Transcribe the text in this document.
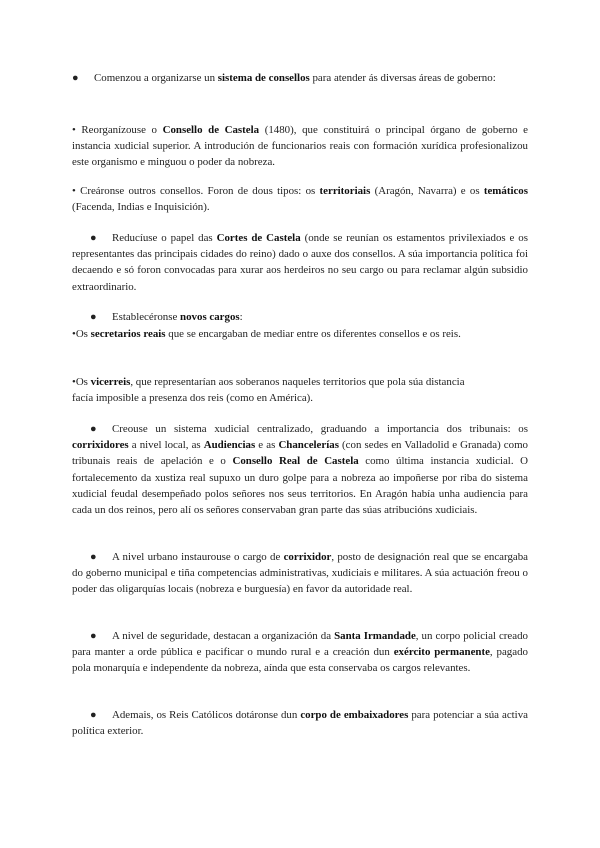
● Comenzou a organizarse un sistema de consellos para atender ás diversas áreas de goberno:

• Reorganízouse o Consello de Castela (1480), que constituirá o principal órgano de goberno e instancia xudicial superior. A introdución de funcionarios reais con formación xurídica profesionalizou este organismo e minguou o poder da nobreza.

• Creáronse outros consellos. Foron de dous tipos: os territoriais (Aragón, Navarra) e os temáticos (Facenda, Indias e Inquisición).

● Reducíuse o papel das Cortes de Castela (onde se reunían os estamentos privilexiados e os representantes das principais cidades do reino) dado o auxe dos consellos. A súa importancia política foi decaendo e só foron convocadas para xurar aos herdeiros no seu cargo ou para reclamar algún subsidio extraordinario.

● Establecéronse novos cargos:

•Os secretarios reais que se encargaban de mediar entre os diferentes consellos e os reis.

•Os vicerreis, que representarían aos soberanos naqueles territorios que pola súa distancia facía imposible a presenza dos reis (como en América).

● Creouse un sistema xudicial centralizado, graduando a importancia dos tribunais: os corrixidores a nivel local, as Audiencias e as Chancelerías (con sedes en Valladolid e Granada) como tribunais reais de apelación e o Consello Real de Castela como última instancia xudicial. O fortalecemento da xustiza real supuxo un duro golpe para a nobreza ao impoñerse por riba do sistema xudicial feudal desempeñado polos señores nos seus territorios. En Aragón había unha audiencia para cada un dos reinos, pero alí os señores conservaban gran parte das súas atribucións xudiciais.

● A nivel urbano instaurouse o cargo de corrixidor, posto de designación real que se encargaba do goberno municipal e tiña competencias administrativas, xudiciais e militares. A súa actuación freou o poder das oligarquías locais (nobreza e burguesía) en favor da autoridade real.

● A nivel de seguridade, destacan a organización da Santa Irmandade, un corpo policial creado para manter a orde pública e pacificar o mundo rural e a creación dun exército permanente, pagado pola monarquía e independente da nobreza, aínda que esta conservaba os cargos relevantes.

● Ademais, os Reis Católicos dotáronse dun corpo de embaixadores para potenciar a súa activa política exterior.
